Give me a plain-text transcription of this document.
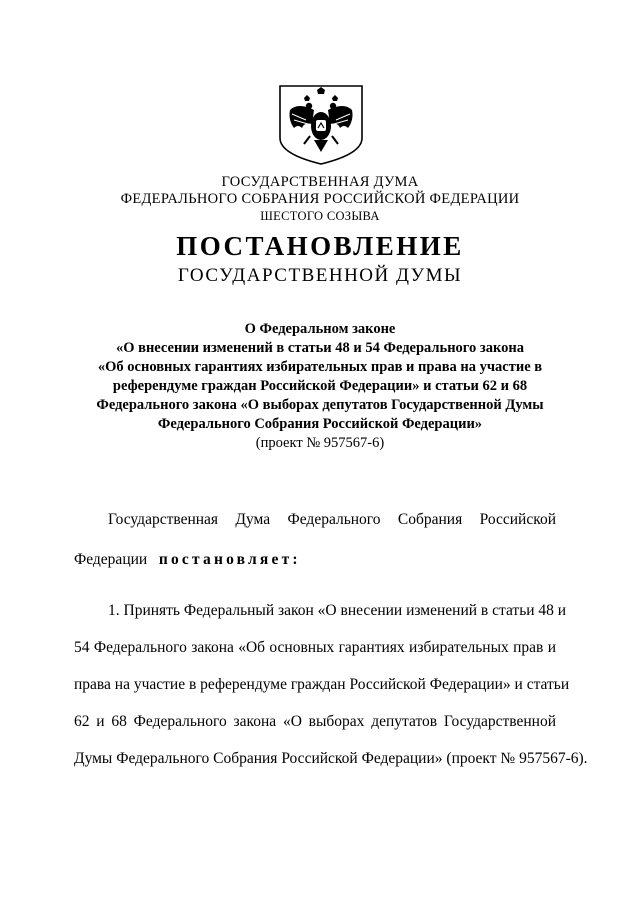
ГОСУДАРСТВЕННАЯ ДУМА
ФЕДЕРАЛЬНОГО СОБРАНИЯ РОССИЙСКОЙ ФЕДЕРАЦИИ
ШЕСТОГО СОЗЫВА
ПОСТАНОВЛЕНИЕ
ГОСУДАРСТВЕННОЙ ДУМЫ
О Федеральном законе
«О внесении изменений в статьи 48 и 54 Федерального закона
«Об основных гарантиях избирательных прав и права на участие в
референдуме граждан Российской Федерации» и статьи 62 и 68
Федерального закона «О выборах депутатов Государственной Думы
Федерального Собрания Российской Федерации»
(проект № 957567-6)
Государственная Дума Федерального Собрания Российской
Федерации постановляет:
1. Принять Федеральный закон «О внесении изменений в статьи 48 и
54 Федерального закона «Об основных гарантиях избирательных прав и
права на участие в референдуме граждан Российской Федерации» и статьи
62 и 68 Федерального закона «О выборах депутатов Государственной
Думы Федерального Собрания Российской Федерации» (проект № 957567-6).
